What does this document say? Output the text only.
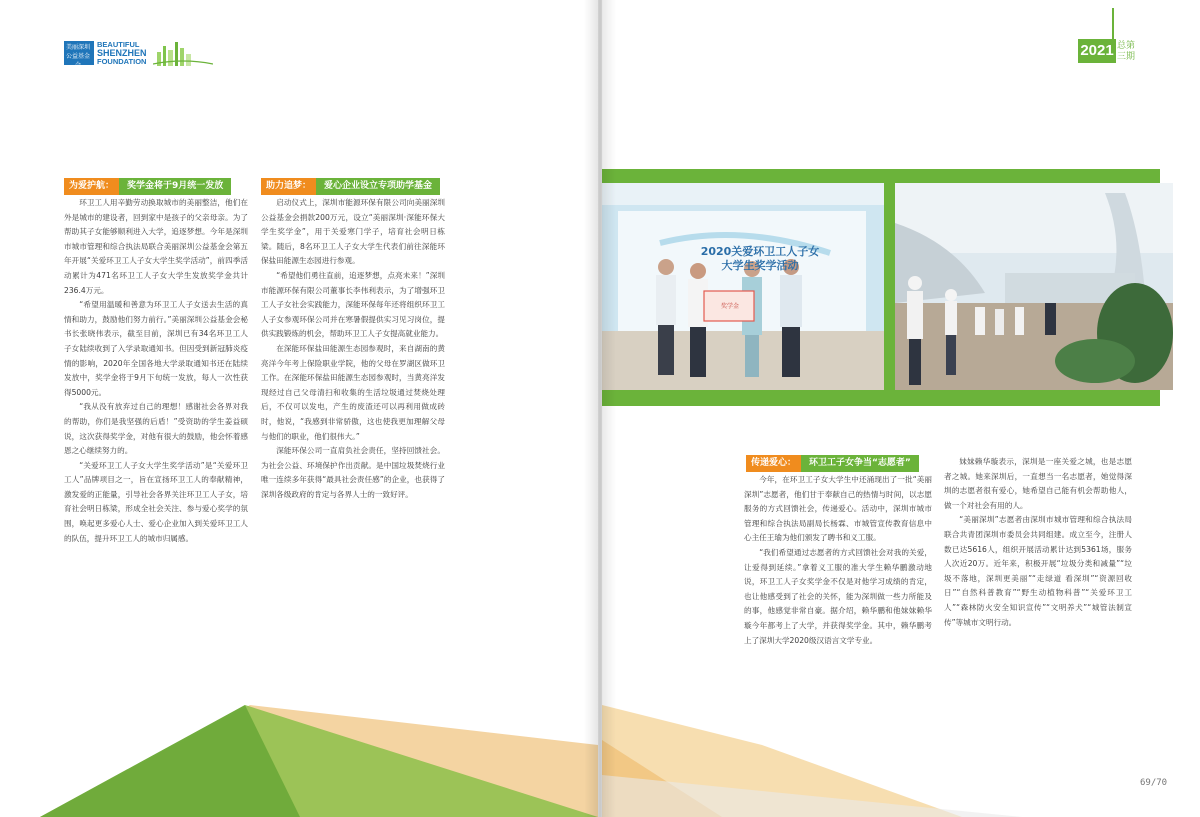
美丽深圳公益基金会
BEAUTIFUL
SHENZHEN
FOUNDATION
为爱护航：	奖学金将于9月统一发放

环卫工人用辛勤劳动换取城市的美丽整洁，他们在外是城市的建设者，回到家中是孩子的父亲母亲。为了帮助其子女能够顺利进入大学，追逐梦想。今年是深圳市城市管理和综合执法局联合美丽深圳公益基金会第五年开展“关爱环卫工人子女大学生奖学活动”，前四季活动累计为471名环卫工人子女大学生发放奖学金共计236.4万元。

“希望用温暖和善意为环卫工人子女送去生活的真情和助力，鼓励他们努力前行。”美丽深圳公益基金会秘书长张晓伟表示，截至目前，深圳已有34名环卫工人子女陆续收到了入学录取通知书。但因受到新冠肺炎疫情的影响，2020年全国各地大学录取通知书还在陆续发放中，奖学金将于9月下旬统一发放，每人一次性获得5000元。

“我从没有放弃过自己的理想！感谢社会各界对我的帮助，你们是我坚强的后盾！”受资助的学生姜益硕说，这次获得奖学金，对他有很大的鼓励，他会怀着感恩之心继续努力的。

“关爱环卫工人子女大学生奖学活动”是“关爱环卫工人”品牌项目之一，旨在宣扬环卫工人的奉献精神，激发爱的正能量，引导社会各界关注环卫工人子女，培育社会明日栋梁，形成全社会关注、参与爱心奖学的氛围，唤起更多爱心人士、爱心企业加入到关爱环卫工人的队伍，提升环卫工人的城市归属感。

助力追梦：	爱心企业设立专项助学基金

启动仪式上，深圳市能源环保有限公司向美丽深圳公益基金会捐款200万元，设立“美丽深圳·深能环保大学生奖学金”，用于关爱寒门学子，培育社会明日栋梁。随后，8名环卫工人子女大学生代表们前往深能环保盐田能源生态园进行参观。

“希望他们勇往直前，追逐梦想，点亮未来！”深圳市能源环保有限公司董事长李伟利表示，为了增强环卫工人子女社会实践能力，深能环保每年还将组织环卫工人子女参观环保公司并在寒暑假提供实习见习岗位，提供实践锻炼的机会，帮助环卫工人子女提高就业能力。

在深能环保盐田能源生态园参观时，来自湖南的黄亮洋今年考上保险职业学院，他的父母在罗湖区做环卫工作。在深能环保盐田能源生态园参观时，当黄亮洋发现经过自己父母清扫和收集的生活垃圾通过焚烧处理后，不仅可以发电，产生的废渣还可以再利用做成砖时，他说，“我感到非常骄傲，这也使我更加理解父母与他们的职业，他们很伟大。”

深能环保公司一直肩负社会责任，坚持回馈社会。为社会公益、环境保护作出贡献。是中国垃圾焚烧行业唯一连续多年获得“最具社会责任感”的企业，也获得了深圳各级政府的肯定与各界人士的一致好评。

2021 总第三期
2020关爱环卫工人子女
大学生奖学活动
奖学金
传递爱心：	环卫工子女争当“志愿者”

今年，在环卫工子女大学生中还涌现出了一批“美丽深圳”志愿者，他们甘于奉献自己的热情与时间，以志愿服务的方式回馈社会，传递爱心。活动中，深圳市城市管理和综合执法局副局长杨霖、市城管宣传教育信息中心主任王瑜为他们颁发了聘书和义工服。

“我们希望通过志愿者的方式回馈社会对我的关爱，让爱得到延续。”拿着义工服的准大学生赖华鹏激动地说，环卫工人子女奖学金不仅是对他学习成绩的肯定，也让他感受到了社会的关怀，能为深圳做一些力所能及的事，他感觉非常自豪。据介绍，赖华鹏和他妹妹赖华璇今年都考上了大学，并获得奖学金。其中，赖华鹏考上了深圳大学2020级汉语言文学专业。

妹妹赖华璇表示，深圳是一座关爱之城，也是志愿者之城。她来深圳后，一直想当一名志愿者，她觉得深圳的志愿者很有爱心，她希望自己能有机会帮助他人，做一个对社会有用的人。

“美丽深圳”志愿者由深圳市城市管理和综合执法局联合共青团深圳市委员会共同组建。成立至今，注册人数已达5616人，组织开展活动累计达到5361场，服务人次近20万。近年来，积极开展“垃圾分类和减量”“垃圾不落地，深圳更美丽”“走绿道 看深圳”“资源回收日”“自然科普教育”“野生动植物科普”“关爱环卫工人”“森林防火安全知识宣传”“文明养犬”“城管法制宣传”等城市文明行动。

69/70
